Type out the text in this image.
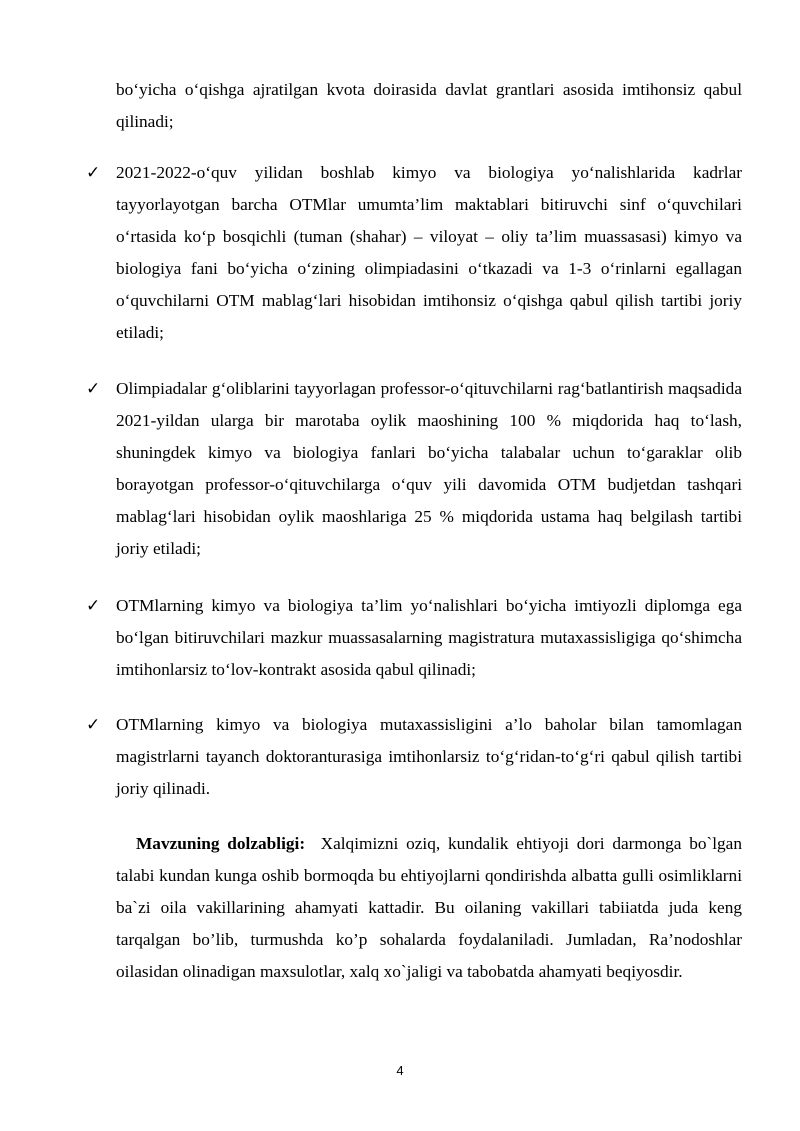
bo‘yicha o‘qishga ajratilgan kvota doirasida davlat grantlari asosida imtihonsiz qabul qilinadi;

✓ 2021-2022-o‘quv yilidan boshlab kimyo va biologiya yo‘nalishlarida kadrlar tayyorlayotgan barcha OTMlar umumta’lim maktablari bitiruvchi sinf o‘quvchilari o‘rtasida ko‘p bosqichli (tuman (shahar) – viloyat – oliy ta’lim muassasasi) kimyo va biologiya fani bo‘yicha o‘zining olimpiadasini o‘tkazadi va 1-3 o‘rinlarni egallagan o‘quvchilarni OTM mablag‘lari hisobidan imtihonsiz o‘qishga qabul qilish tartibi joriy etiladi;

✓ Olimpiadalar g‘oliblarini tayyorlagan professor-o‘qituvchilarni rag‘batlantirish maqsadida 2021-yildan ularga bir marotaba oylik maoshining 100 % miqdorida haq to‘lash, shuningdek kimyo va biologiya fanlari bo‘yicha talabalar uchun to‘garaklar olib borayotgan professor-o‘qituvchilarga o‘quv yili davomida OTM budjetdan tashqari mablag‘lari hisobidan oylik maoshlariga 25 % miqdorida ustama haq belgilash tartibi joriy etiladi;

✓ OTMlarning kimyo va biologiya ta’lim yo‘nalishlari bo‘yicha imtiyozli diplomga ega bo‘lgan bitiruvchilari mazkur muassasalarning magistratura mutaxassisligiga qo‘shimcha imtihonlarsiz to‘lov-kontrakt asosida qabul qilinadi;

✓ OTMlarning kimyo va biologiya mutaxassisligini a’lo baholar bilan tamomlagan magistrlarni tayanch doktoranturasiga imtihonlarsiz to‘g‘ridan-to‘g‘ri qabul qilish tartibi joriy qilinadi.

Mavzuning dolzabligi: Xalqimizni oziq, kundalik ehtiyoji dori darmonga bo`lgan talabi kundan kunga oshib bormoqda bu ehtiyojlarni qondirishda albatta gulli osimliklarni ba`zi oila vakillarining ahamyati kattadir. Bu oilaning vakillari tabiiatda juda keng tarqalgan bo’lib, turmushda ko’p sohalarda foydalaniladi. Jumladan, Ra’nodoshlar oilasidan olinadigan maxsulotlar, xalq xo`jaligi va tabobatda ahamyati beqiyosdir.

4
